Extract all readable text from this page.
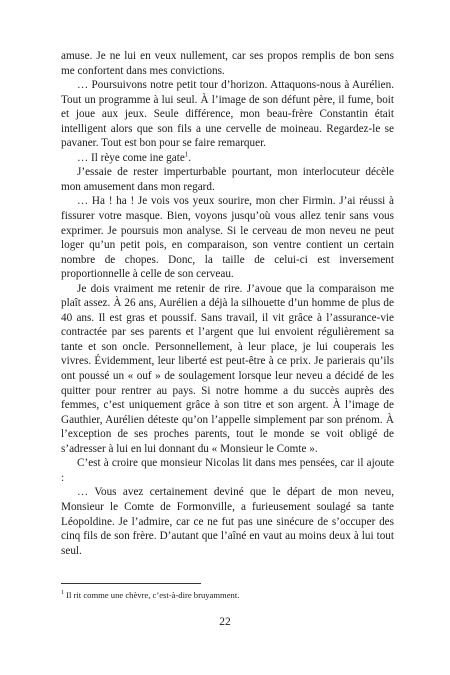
amuse. Je ne lui en veux nullement, car ses propos remplis de bon sens me confortent dans mes convictions.

… Poursuivons notre petit tour d’horizon. Attaquons-nous à Aurélien. Tout un programme à lui seul. À l’image de son défunt père, il fume, boit et joue aux jeux. Seule différence, mon beau-frère Constantin était intelligent alors que son fils a une cervelle de moineau. Regardez-le se pavaner. Tout est bon pour se faire remarquer.

… Il rèye come ine gate$^1$.

J’essaie de rester imperturbable pourtant, mon interlocuteur décèle mon amusement dans mon regard.

… Ha ! ha ! Je vois vos yeux sourire, mon cher Firmin. J’ai réussi à fissurer votre masque. Bien, voyons jusqu’où vous allez tenir sans vous exprimer. Je poursuis mon analyse. Si le cerveau de mon neveu ne peut loger qu’un petit pois, en comparaison, son ventre contient un certain nombre de chopes. Donc, la taille de celui-ci est inversement proportionnelle à celle de son cerveau.

Je dois vraiment me retenir de rire. J’avoue que la comparaison me plaît assez. À 26 ans, Aurélien a déjà la silhouette d’un homme de plus de 40 ans. Il est gras et poussif. Sans travail, il vit grâce à l’assurance-vie contractée par ses parents et l’argent que lui envoient régulièrement sa tante et son oncle. Personnellement, à leur place, je lui couperais les vivres. Évidemment, leur liberté est peut-être à ce prix. Je parierais qu’ils ont poussé un « ouf » de soulagement lorsque leur neveu a décidé de les quitter pour rentrer au pays. Si notre homme a du succès auprès des femmes, c’est uniquement grâce à son titre et son argent. À l’image de Gauthier, Aurélien déteste qu’on l’appelle simplement par son prénom. À l’exception de ses proches parents, tout le monde se voit obligé de s’adresser à lui en lui donnant du « Monsieur le Comte ».

C’est à croire que monsieur Nicolas lit dans mes pensées, car il ajoute :

… Vous avez certainement deviné que le départ de mon neveu, Monsieur le Comte de Formonville, a furieusement soulagé sa tante Léopoldine. Je l’admire, car ce ne fut pas une sinécure de s’occuper des cinq fils de son frère. D’autant que l’aîné en vaut au moins deux à lui tout seul.

$^1$ Il rit comme une chèvre, c’est-à-dire bruyamment.
22
